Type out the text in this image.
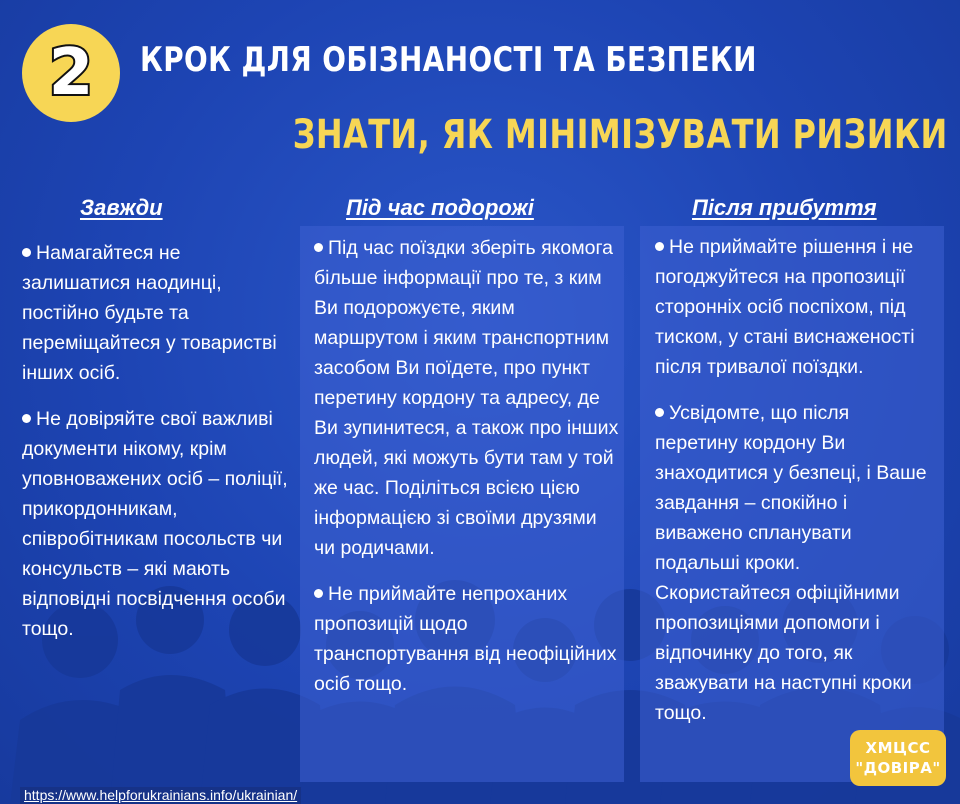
2 КРОК ДЛЯ ОБІЗНАНОСТІ ТА БЕЗПЕКИ
ЗНАТИ, ЯК МІНІМІЗУВАТИ РИЗИКИ
Завжди	Під час подорожі	Після прибуття

Намагайтеся не залишатися наодинці, постійно будьте та переміщайтеся у товаристві інших осіб.

Не довіряйте свої важливі документи нікому, крім уповноважених осіб – поліції, прикордонникам, співробітникам посольств чи консульств – які мають відповідні посвідчення особи тощо.

Під час поїздки зберіть якомога більше інформації про те, з ким Ви подорожуєте, яким маршрутом і яким транспортним засобом Ви поїдете, про пункт перетину кордону та адресу, де Ви зупинитеся, а також про інших людей, які можуть бути там у той же час. Поділіться всією цією інформацією зі своїми друзями чи родичами.

Не приймайте непроханих пропозицій щодо транспортування від неофіційних осіб тощо.

Не приймайте рішення і не погоджуйтеся на пропозиції сторонніх осіб поспіхом, під тиском, у стані виснаженості після тривалої поїздки.

Усвідомте, що після перетину кордону Ви знаходитися у безпеці, і Ваше завдання – спокійно і виважено спланувати подальші кроки. Скористайтеся офіційними пропозиціями допомоги і відпочинку до того, як зважувати на наступні кроки тощо.

ХМЦСС
"ДОВІРА"
https://www.helpforukrainians.info/ukrainian/
